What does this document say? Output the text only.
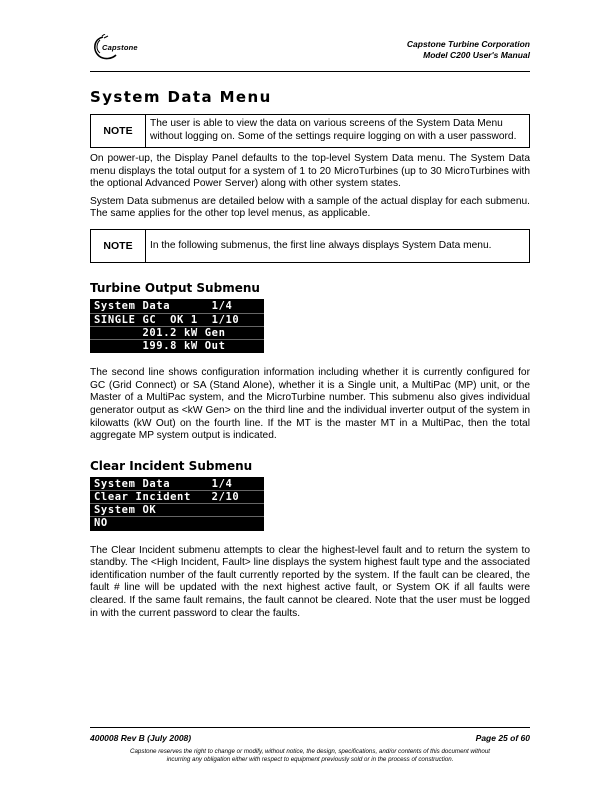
Capstone	Capstone Turbine Corporation
Model C200 User's Manual
System Data Menu
NOTE
The user is able to view the data on various screens of the System Data Menu without logging on. Some of the settings require logging on with a user password.

On power-up, the Display Panel defaults to the top-level System Data menu. The System Data menu displays the total output for a system of 1 to 20 MicroTurbines (up to 30 MicroTurbines with the optional Advanced Power Server) along with other system states.

System Data submenus are detailed below with a sample of the actual display for each submenu. The same applies for the other top level menus, as applicable.

NOTE	In the following submenus, the first line always displays System Data menu.
Turbine Output Submenu
System Data      1/4
SINGLE GC  OK 1  1/10
201.2 kW Gen
199.8 kW Out

The second line shows configuration information including whether it is currently configured for GC (Grid Connect) or SA (Stand Alone), whether it is a Single unit, a MultiPac (MP) unit, or the Master of a MultiPac system, and the MicroTurbine number. This submenu also gives individual generator output as <kW Gen> on the third line and the individual inverter output of the system in kilowatts (kW Out) on the fourth line. If the MT is the master MT in a MultiPac, then the total aggregate MP system output is indicated.

Clear Incident Submenu
System Data      1/4
Clear Incident   2/10
System OK
NO

The Clear Incident submenu attempts to clear the highest-level fault and to return the system to standby. The <High Incident, Fault> line displays the system highest fault type and the associated identification number of the fault currently reported by the system. If the fault can be cleared, the fault # line will be updated with the next highest active fault, or System OK if all faults were cleared. If the same fault remains, the fault cannot be cleared. Note that the user must be logged in with the current password to clear the faults.

400008 Rev B (July 2008)	Page 25 of 60
Capstone reserves the right to change or modify, without notice, the design, specifications, and/or contents of this document without
incurring any obligation either with respect to equipment previously sold or in the process of construction.
